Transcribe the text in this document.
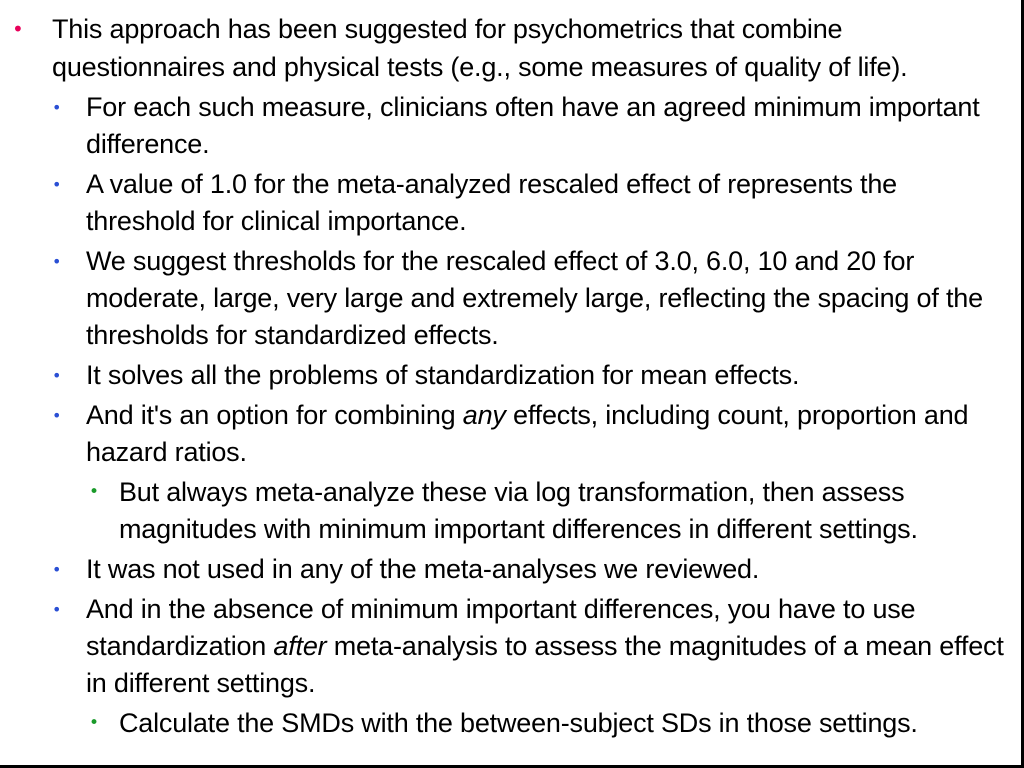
• This approach has been suggested for psychometrics that combine questionnaires and physical tests (e.g., some measures of quality of life).

• For each such measure, clinicians often have an agreed minimum important difference.

• A value of 1.0 for the meta-analyzed rescaled effect of represents the threshold for clinical importance.

• We suggest thresholds for the rescaled effect of 3.0, 6.0, 10 and 20 for moderate, large, very large and extremely large, reflecting the spacing of the thresholds for standardized effects.

• It solves all the problems of standardization for mean effects.

• And it's an option for combining any effects, including count, proportion and hazard ratios.

• But always meta-analyze these via log transformation, then assess magnitudes with minimum important differences in different settings.

• It was not used in any of the meta-analyses we reviewed.

• And in the absence of minimum important differences, you have to use standardization after meta-analysis to assess the magnitudes of a mean effect in different settings.

• Calculate the SMDs with the between-subject SDs in those settings.
